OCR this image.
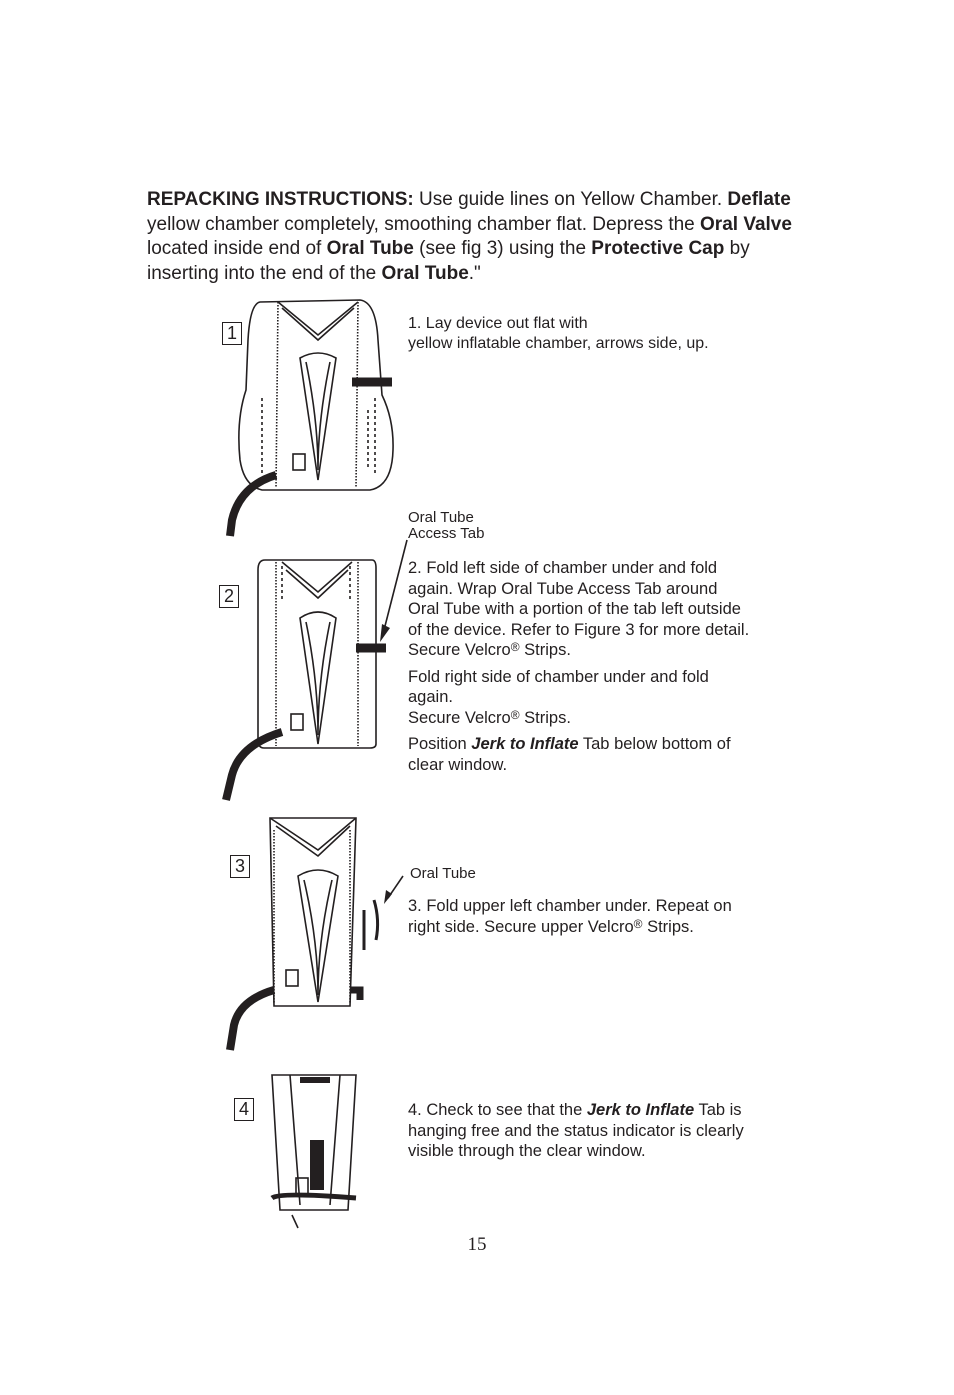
REPACKING INSTRUCTIONS: Use guide lines on Yellow Chamber. Deflate yellow chamber completely, smoothing chamber flat. Depress the Oral Valve located inside end of Oral Tube (see fig 3) using the Protective Cap by inserting into the end of the Oral Tube."
1
2
3
4
1. Lay device out flat with
yellow inflatable chamber, arrows side, up.
Oral Tube
Access Tab

2. Fold left side of chamber under and fold again. Wrap Oral Tube Access Tab around Oral Tube with a portion of the tab left outside of the device. Refer to Figure 3 for more detail. Secure Velcro® Strips.

Fold right side of chamber under and fold again.

Secure Velcro® Strips.

Position Jerk to Inflate Tab below bottom of clear window.

Oral Tube

3. Fold upper left chamber under. Repeat on right side. Secure upper Velcro® Strips.

4. Check to see that the Jerk to Inflate Tab is hanging free and the status indicator is clearly visible through the clear window.

15
